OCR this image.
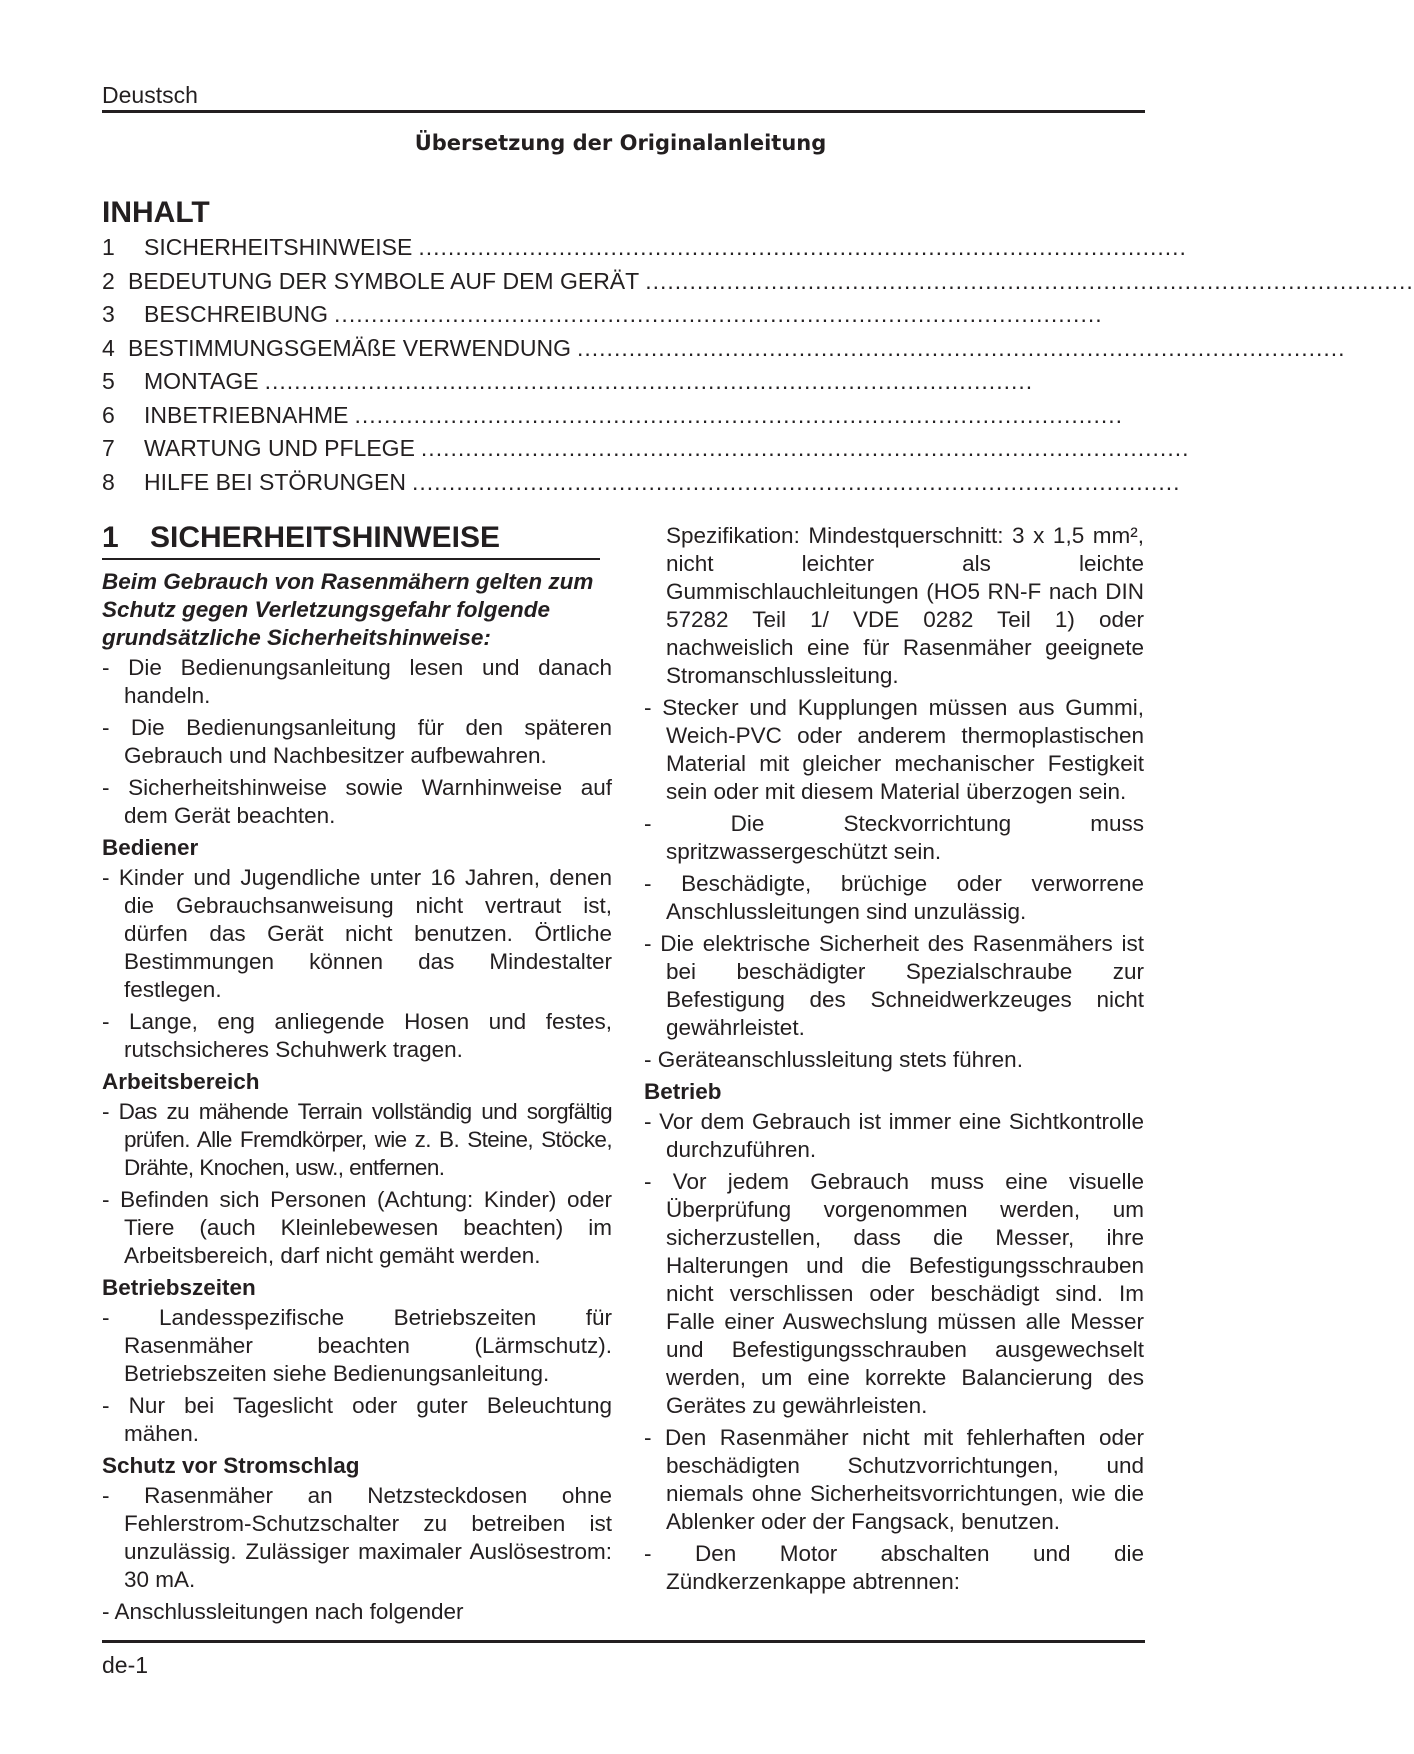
Deustsch
Übersetzung der Originalanleitung
INHALT
1	SICHERHEITSHINWEISE ........................................................................................................
2 BEDEUTUNG DER SYMBOLE AUF DEM GERÄT ........................................................................................................
3	BESCHREIBUNG ........................................................................................................
4 BESTIMMUNGSGEMÄßE VERWENDUNG ........................................................................................................
5	MONTAGE ........................................................................................................
6	INBETRIEBNAHME ........................................................................................................
7	WARTUNG UND PFLEGE ........................................................................................................
8	HILFE BEI STÖRUNGEN ........................................................................................................
1 SICHERHEITSHINWEISE

Beim Gebrauch von Rasenmähern gelten zum Schutz gegen Verletzungsgefahr folgende grundsätzliche Sicherheitshinweise:

- Die Bedienungsanleitung lesen und danach handeln.

- Die Bedienungsanleitung für den späteren Gebrauch und Nachbesitzer aufbewahren.

- Sicherheitshinweise sowie Warnhinweise auf dem Gerät beachten.

Bediener

- Kinder und Jugendliche unter 16 Jahren, denen die Gebrauchsanweisung nicht vertraut ist, dürfen das Gerät nicht benutzen. Örtliche Bestimmungen können das Mindestalter festlegen.

- Lange, eng anliegende Hosen und festes, rutschsicheres Schuhwerk tragen.

Arbeitsbereich

- Das zu mähende Terrain vollständig und sorgfältig prüfen. Alle Fremdkörper, wie z. B. Steine, Stöcke, Drähte, Knochen, usw., entfernen.

- Befinden sich Personen (Achtung: Kinder) oder Tiere (auch Kleinlebewesen beachten) im Arbeitsbereich, darf nicht gemäht werden.

Betriebszeiten

- Landesspezifische Betriebszeiten für Rasenmäher beachten (Lärmschutz). Betriebszeiten siehe Bedienungsanleitung.

- Nur bei Tageslicht oder guter Beleuchtung mähen.

Schutz vor Stromschlag

- Rasenmäher an Netzsteckdosen ohne Fehlerstrom-Schutzschalter zu betreiben ist unzulässig. Zulässiger maximaler Auslösestrom: 30 mA.

- Anschlussleitungen nach folgender

Spezifikation: Mindestquerschnitt: 3 x 1,5 mm², nicht leichter als leichte Gummischlauchleitungen (HO5 RN-F nach DIN 57282 Teil 1/ VDE 0282 Teil 1) oder nachweislich eine für Rasenmäher geeignete Stromanschlussleitung.

- Stecker und Kupplungen müssen aus Gummi, Weich-PVC oder anderem thermoplastischen Material mit gleicher mechanischer Festigkeit sein oder mit diesem Material überzogen sein.

- Die Steckvorrichtung muss spritzwassergeschützt sein.

- Beschädigte, brüchige oder verworrene Anschlussleitungen sind unzulässig.

- Die elektrische Sicherheit des Rasenmähers ist bei beschädigter Spezialschraube zur Befestigung des Schneidwerkzeuges nicht gewährleistet.

- Geräteanschlussleitung stets führen.

Betrieb

- Vor dem Gebrauch ist immer eine Sichtkontrolle durchzuführen.

- Vor jedem Gebrauch muss eine visuelle Überprüfung vorgenommen werden, um sicherzustellen, dass die Messer, ihre Halterungen und die Befestigungsschrauben nicht verschlissen oder beschädigt sind. Im Falle einer Auswechslung müssen alle Messer und Befestigungsschrauben ausgewechselt werden, um eine korrekte Balancierung des Gerätes zu gewährleisten.

- Den Rasenmäher nicht mit fehlerhaften oder beschädigten Schutzvorrichtungen, und niemals ohne Sicherheitsvorrichtungen, wie die Ablenker oder der Fangsack, benutzen.

- Den Motor abschalten und die Zündkerzenkappe abtrennen:

de-1
